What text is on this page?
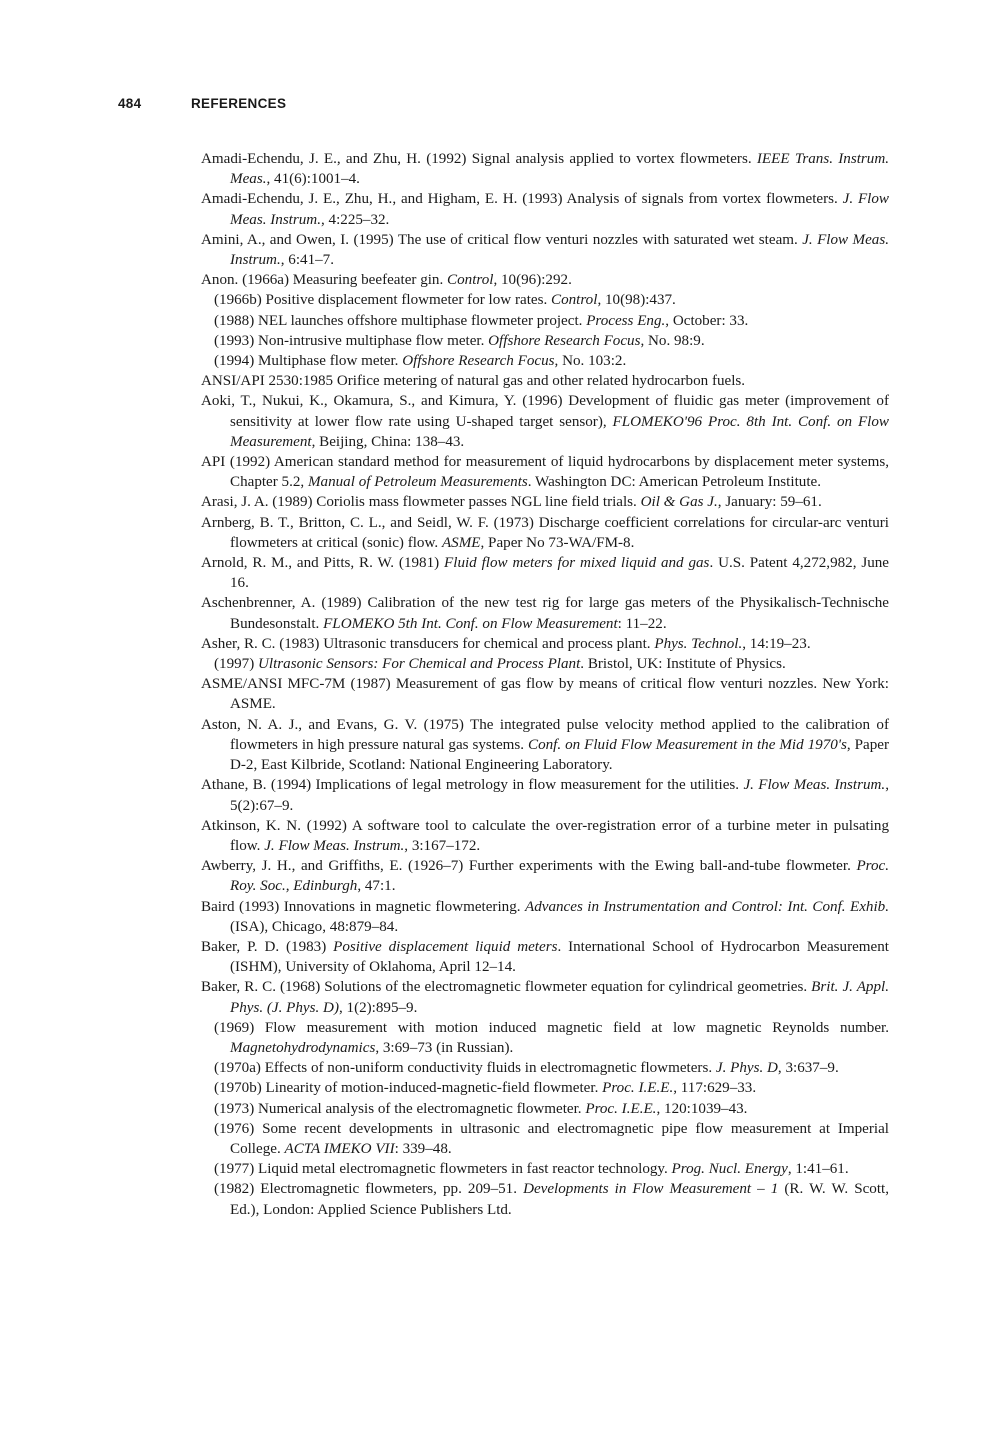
484	REFERENCES

Amadi-Echendu, J. E., and Zhu, H. (1992) Signal analysis applied to vortex flowmeters. IEEE Trans. Instrum. Meas., 41(6):1001–4.

Amadi-Echendu, J. E., Zhu, H., and Higham, E. H. (1993) Analysis of signals from vortex flowmeters. J. Flow Meas. Instrum., 4:225–32.

Amini, A., and Owen, I. (1995) The use of critical flow venturi nozzles with saturated wet steam. J. Flow Meas. Instrum., 6:41–7.

Anon. (1966a) Measuring beefeater gin. Control, 10(96):292.

(1966b) Positive displacement flowmeter for low rates. Control, 10(98):437.

(1988) NEL launches offshore multiphase flowmeter project. Process Eng., October: 33.

(1993) Non-intrusive multiphase flow meter. Offshore Research Focus, No. 98:9.

(1994) Multiphase flow meter. Offshore Research Focus, No. 103:2.

ANSI/API 2530:1985 Orifice metering of natural gas and other related hydrocarbon fuels.

Aoki, T., Nukui, K., Okamura, S., and Kimura, Y. (1996) Development of fluidic gas meter (improvement of sensitivity at lower flow rate using U-shaped target sensor), FLOMEKO'96 Proc. 8th Int. Conf. on Flow Measurement, Beijing, China: 138–43.

API (1992) American standard method for measurement of liquid hydrocarbons by displacement meter systems, Chapter 5.2, Manual of Petroleum Measurements. Washington DC: American Petroleum Institute.

Arasi, J. A. (1989) Coriolis mass flowmeter passes NGL line field trials. Oil & Gas J., January: 59–61.

Arnberg, B. T., Britton, C. L., and Seidl, W. F. (1973) Discharge coefficient correlations for circular-arc venturi flowmeters at critical (sonic) flow. ASME, Paper No 73-WA/FM-8.

Arnold, R. M., and Pitts, R. W. (1981) Fluid flow meters for mixed liquid and gas. U.S. Patent 4,272,982, June 16.

Aschenbrenner, A. (1989) Calibration of the new test rig for large gas meters of the Physikalisch-Technische Bundesonstalt. FLOMEKO 5th Int. Conf. on Flow Measurement: 11–22.

Asher, R. C. (1983) Ultrasonic transducers for chemical and process plant. Phys. Technol., 14:19–23.

(1997) Ultrasonic Sensors: For Chemical and Process Plant. Bristol, UK: Institute of Physics.

ASME/ANSI MFC-7M (1987) Measurement of gas flow by means of critical flow venturi nozzles. New York: ASME.

Aston, N. A. J., and Evans, G. V. (1975) The integrated pulse velocity method applied to the calibration of flowmeters in high pressure natural gas systems. Conf. on Fluid Flow Measurement in the Mid 1970's, Paper D-2, East Kilbride, Scotland: National Engineering Laboratory.

Athane, B. (1994) Implications of legal metrology in flow measurement for the utilities. J. Flow Meas. Instrum., 5(2):67–9.

Atkinson, K. N. (1992) A software tool to calculate the over-registration error of a turbine meter in pulsating flow. J. Flow Meas. Instrum., 3:167–172.

Awberry, J. H., and Griffiths, E. (1926–7) Further experiments with the Ewing ball-and-tube flowmeter. Proc. Roy. Soc., Edinburgh, 47:1.

Baird (1993) Innovations in magnetic flowmetering. Advances in Instrumentation and Control: Int. Conf. Exhib. (ISA), Chicago, 48:879–84.

Baker, P. D. (1983) Positive displacement liquid meters. International School of Hydrocarbon Measurement (ISHM), University of Oklahoma, April 12–14.

Baker, R. C. (1968) Solutions of the electromagnetic flowmeter equation for cylindrical geometries. Brit. J. Appl. Phys. (J. Phys. D), 1(2):895–9.

(1969) Flow measurement with motion induced magnetic field at low magnetic Reynolds number. Magnetohydrodynamics, 3:69–73 (in Russian).

(1970a) Effects of non-uniform conductivity fluids in electromagnetic flowmeters. J. Phys. D, 3:637–9.

(1970b) Linearity of motion-induced-magnetic-field flowmeter. Proc. I.E.E., 117:629–33.

(1973) Numerical analysis of the electromagnetic flowmeter. Proc. I.E.E., 120:1039–43.

(1976) Some recent developments in ultrasonic and electromagnetic pipe flow measurement at Imperial College. ACTA IMEKO VII: 339–48.

(1977) Liquid metal electromagnetic flowmeters in fast reactor technology. Prog. Nucl. Energy, 1:41–61.

(1982) Electromagnetic flowmeters, pp. 209–51. Developments in Flow Measurement – 1 (R. W. W. Scott, Ed.), London: Applied Science Publishers Ltd.
